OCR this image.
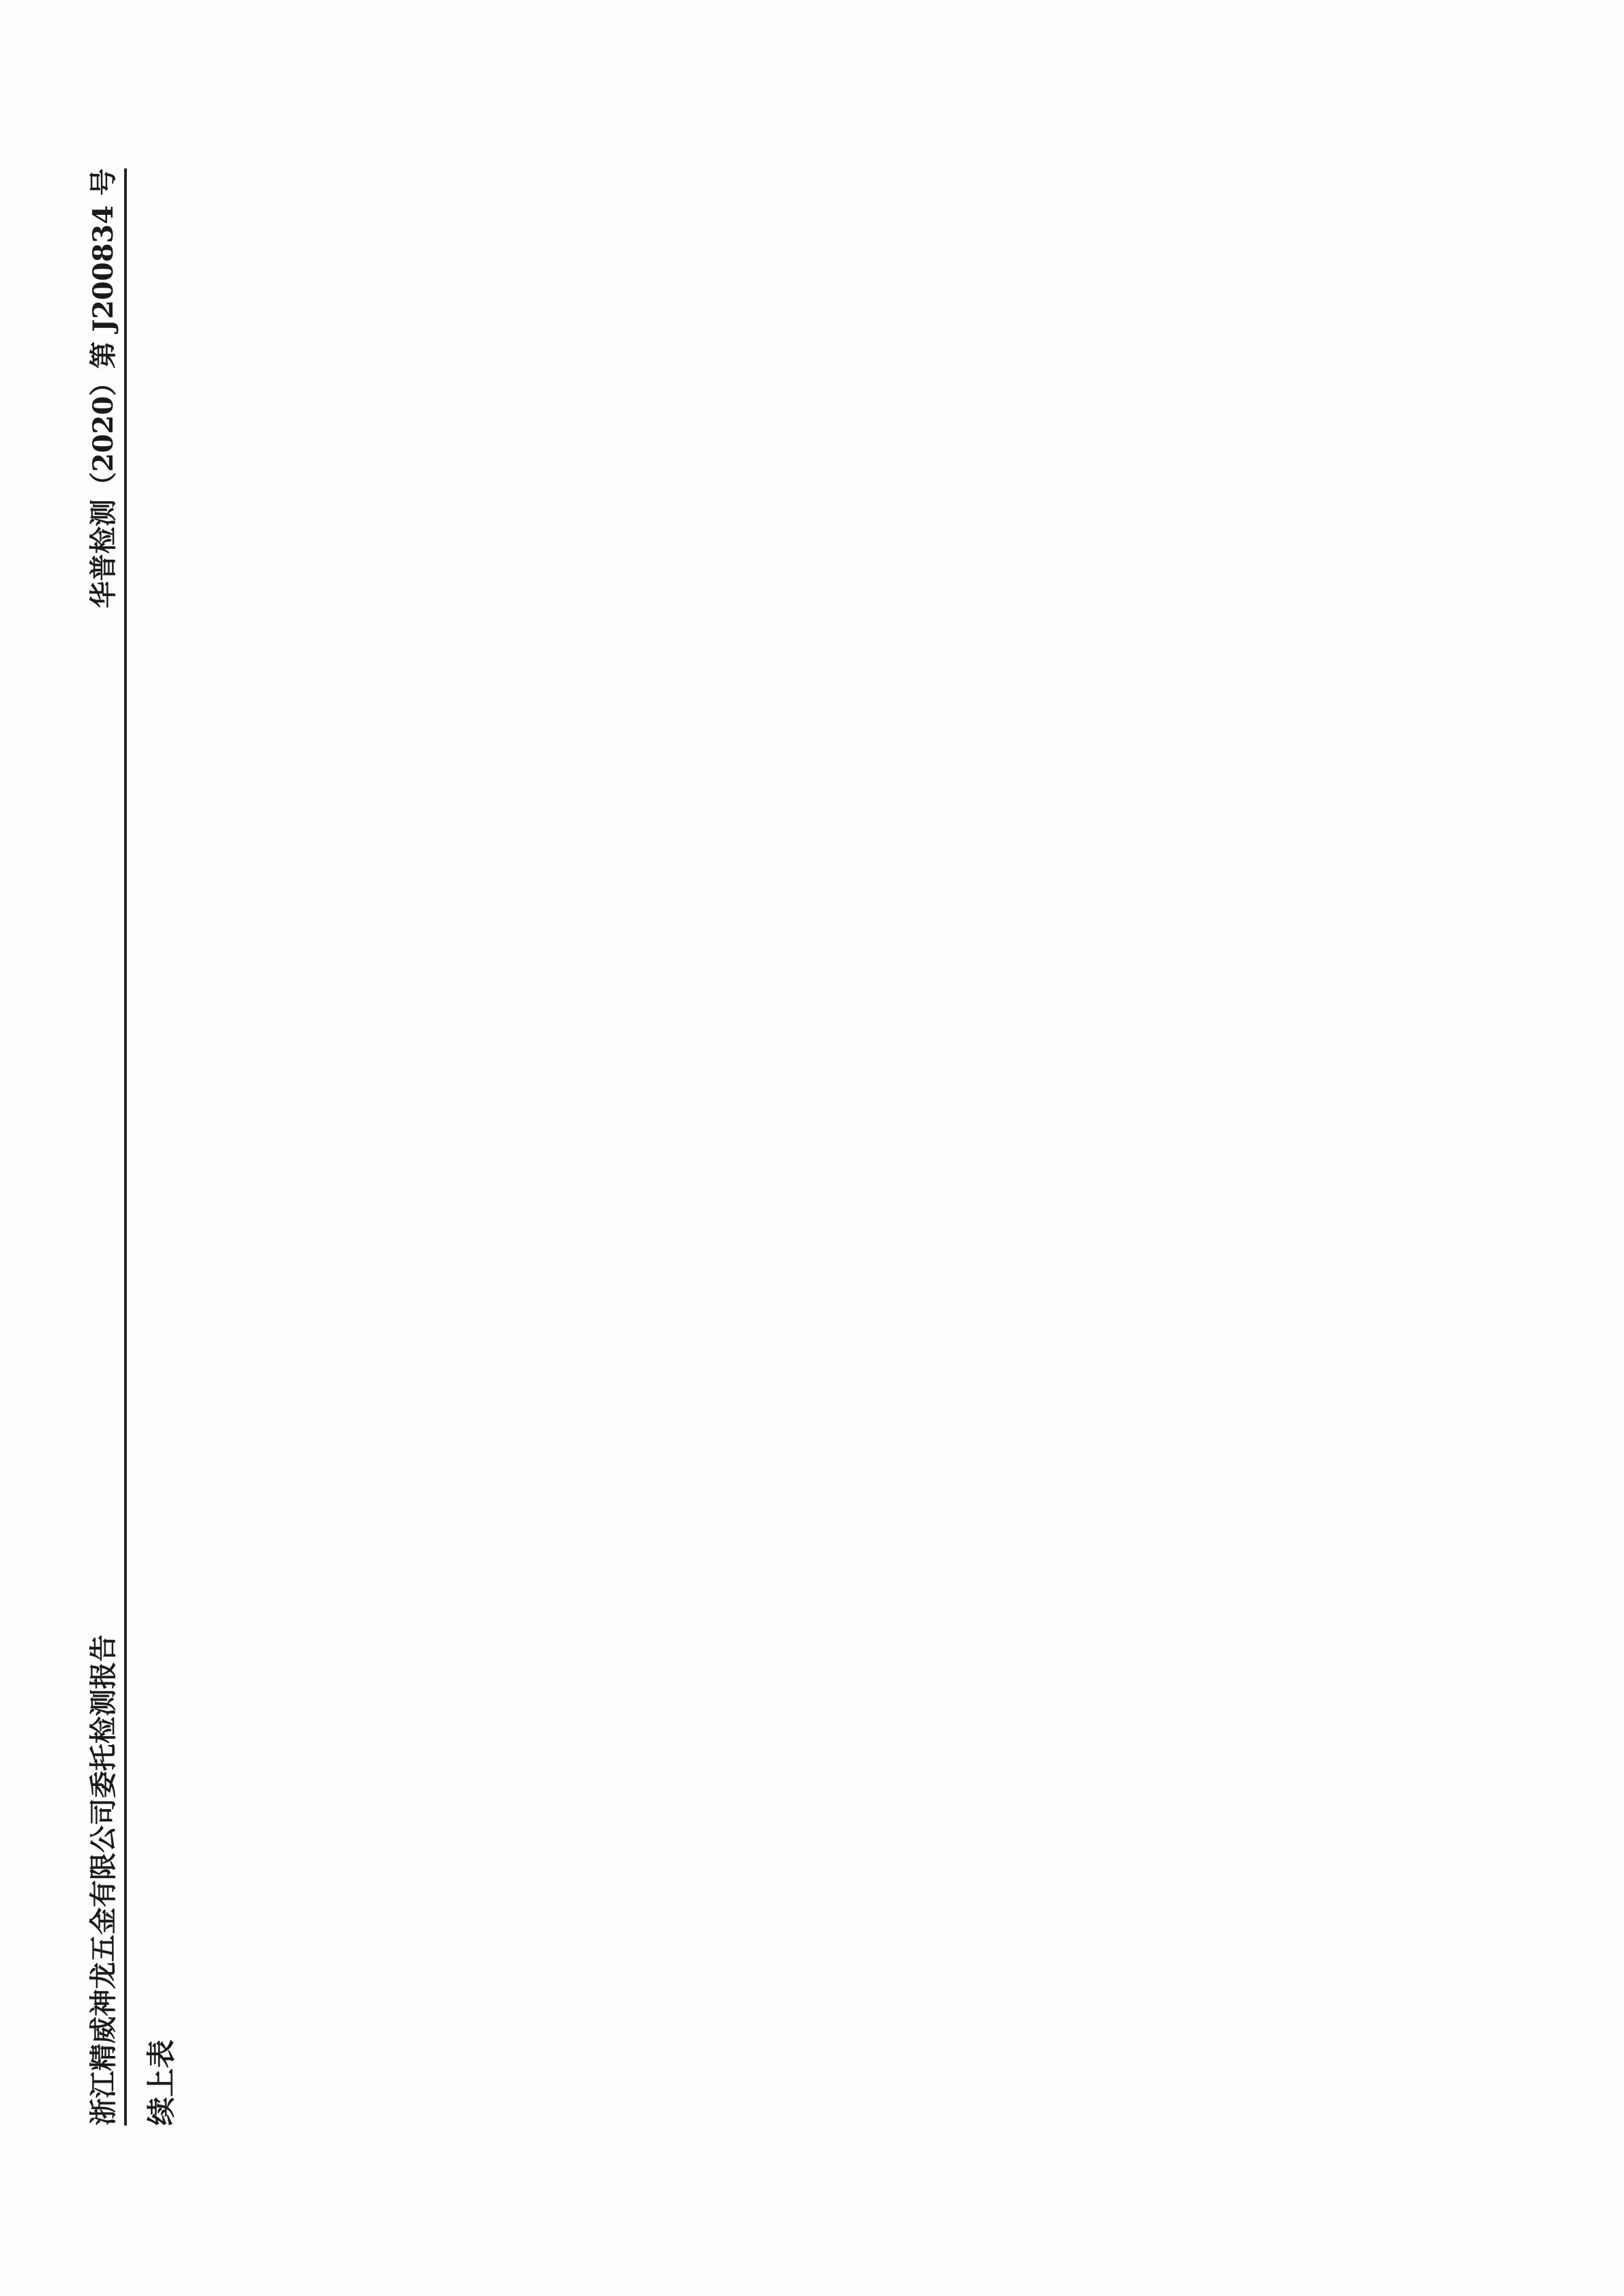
浙江精威神龙五金有限公司委托检测报告
华普检测（2020）第 J200834 号
续上表
